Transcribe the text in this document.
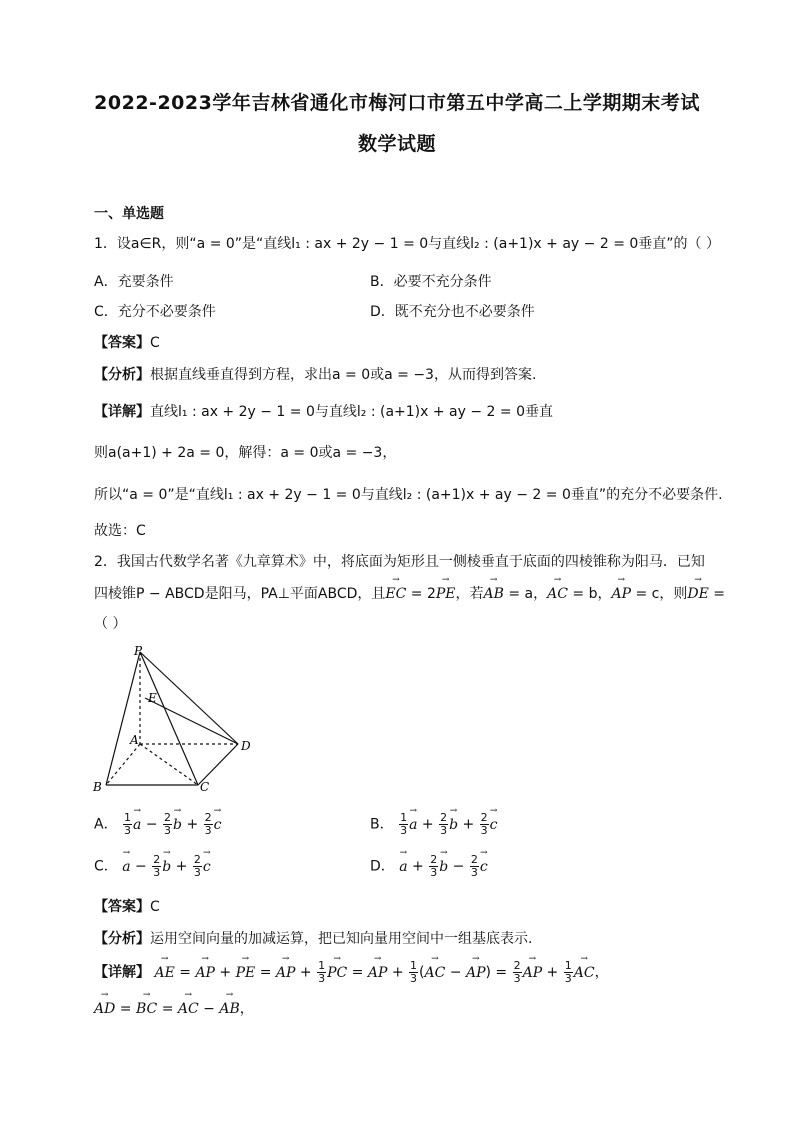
2022-2023学年吉林省通化市梅河口市第五中学高二上学期期末考试
数学试题
一、单选题
1．设a∈R，则“a = 0”是“直线l₁ : ax + 2y − 1 = 0与直线l₂ : (a+1)x + ay − 2 = 0垂直”的（ ）
A．充要条件	B．必要不充分条件
C．充分不必要条件	D．既不充分也不必要条件
【答案】C
【分析】根据直线垂直得到方程，求出a = 0或a = −3，从而得到答案.
【详解】直线l₁ : ax + 2y − 1 = 0与直线l₂ : (a+1)x + ay − 2 = 0垂直
则a(a+1) + 2a = 0，解得：a = 0或a = −3，
所以“a = 0”是“直线l₁ : ax + 2y − 1 = 0与直线l₂ : (a+1)x + ay − 2 = 0垂直”的充分不必要条件.
故选：C
2．我国古代数学名著《九章算术》中，将底面为矩形且一侧棱垂直于底面的四棱锥称为阳马．已知
四棱锥P − ABCD是阳马，PA⊥平面ABCD，且→ EC = 2→ PE，若→ AB = a，→ AC = b，→ AP = c，则→ DE =
（ ）
P
E
A
B	C
D
A． $\frac{1}{3}$
→ $a - \frac{2}{3}$
→ $b + \frac{2}{3}$
→ c	B． $\frac{1}{3}$
→ $a + \frac{2}{3}$
→ $b + \frac{2}{3}$
→ c
C． → $a - \frac{2}{3}$
→ $b + \frac{2}{3}$
→ c	D． → $a + \frac{2}{3}$
→ $b - \frac{2}{3}$
→ c
【答案】C
【分析】运用空间向量的加减运算，把已知向量用空间中一组基底表示.
【详解】 → AE = → AP + → PE = → AP + $\frac{1}{3}$
→ PC = → AP + $\frac{1}{3}$ (→ AC − → $AP) = \frac{2}{3}$
→ AP + $\frac{1}{3}$
→ AC，
→ AD = → BC = → AC − → AB，
